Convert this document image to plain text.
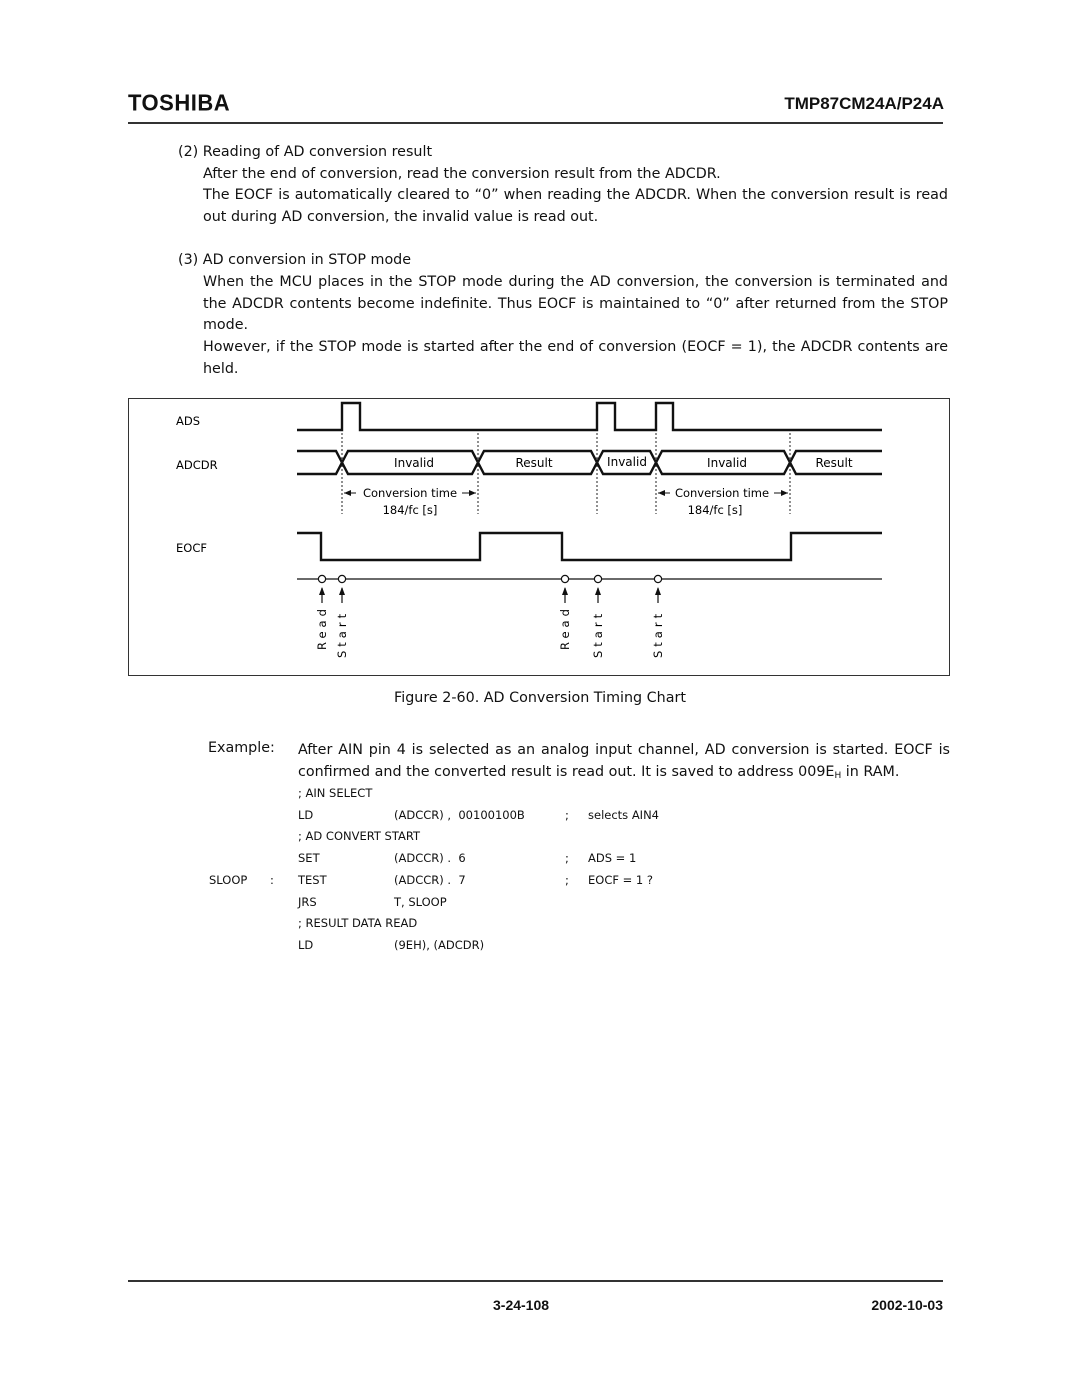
TOSHIBA	TMP87CM24A/P24A
(2) Reading of AD conversion result
After the end of conversion, read the conversion result from the ADCDR.
The EOCF is automatically cleared to “0” when reading the ADCDR. When the conversion result is read out during AD conversion, the invalid value is read out.
(3) AD conversion in STOP mode
When the MCU places in the STOP mode during the AD conversion, the conversion is terminated and the ADCDR contents become indefinite. Thus EOCF is maintained to “0” after returned from the STOP mode.
However, if the STOP mode is started after the end of conversion (EOCF = 1), the ADCDR contents are held.
ADS
ADCDR
EOCF
Invalid	Result	Invalid	Invalid	Result
Conversion time
184/fc [s]
Conversion time
184/fc [s]
Read Start	Read Start	Start
Figure 2-60. AD Conversion Timing Chart
Example: After AIN pin 4 is selected as an analog input channel, AD conversion is started. EOCF is confirmed and the converted result is read out. It is saved to address $009E_H$ in RAM.
; AIN SELECT
LD	(ADCCR) ,  00100100B	; selects AIN4
; AD CONVERT START
SET	(ADCCR) .  6	; ADS = 1
SLOOP : TEST	(ADCCR) .  7	; EOCF = 1 ?
JRS	T, SLOOP
; RESULT DATA READ
LD	(9EH), (ADCDR)
3-24-108	2002-10-03
